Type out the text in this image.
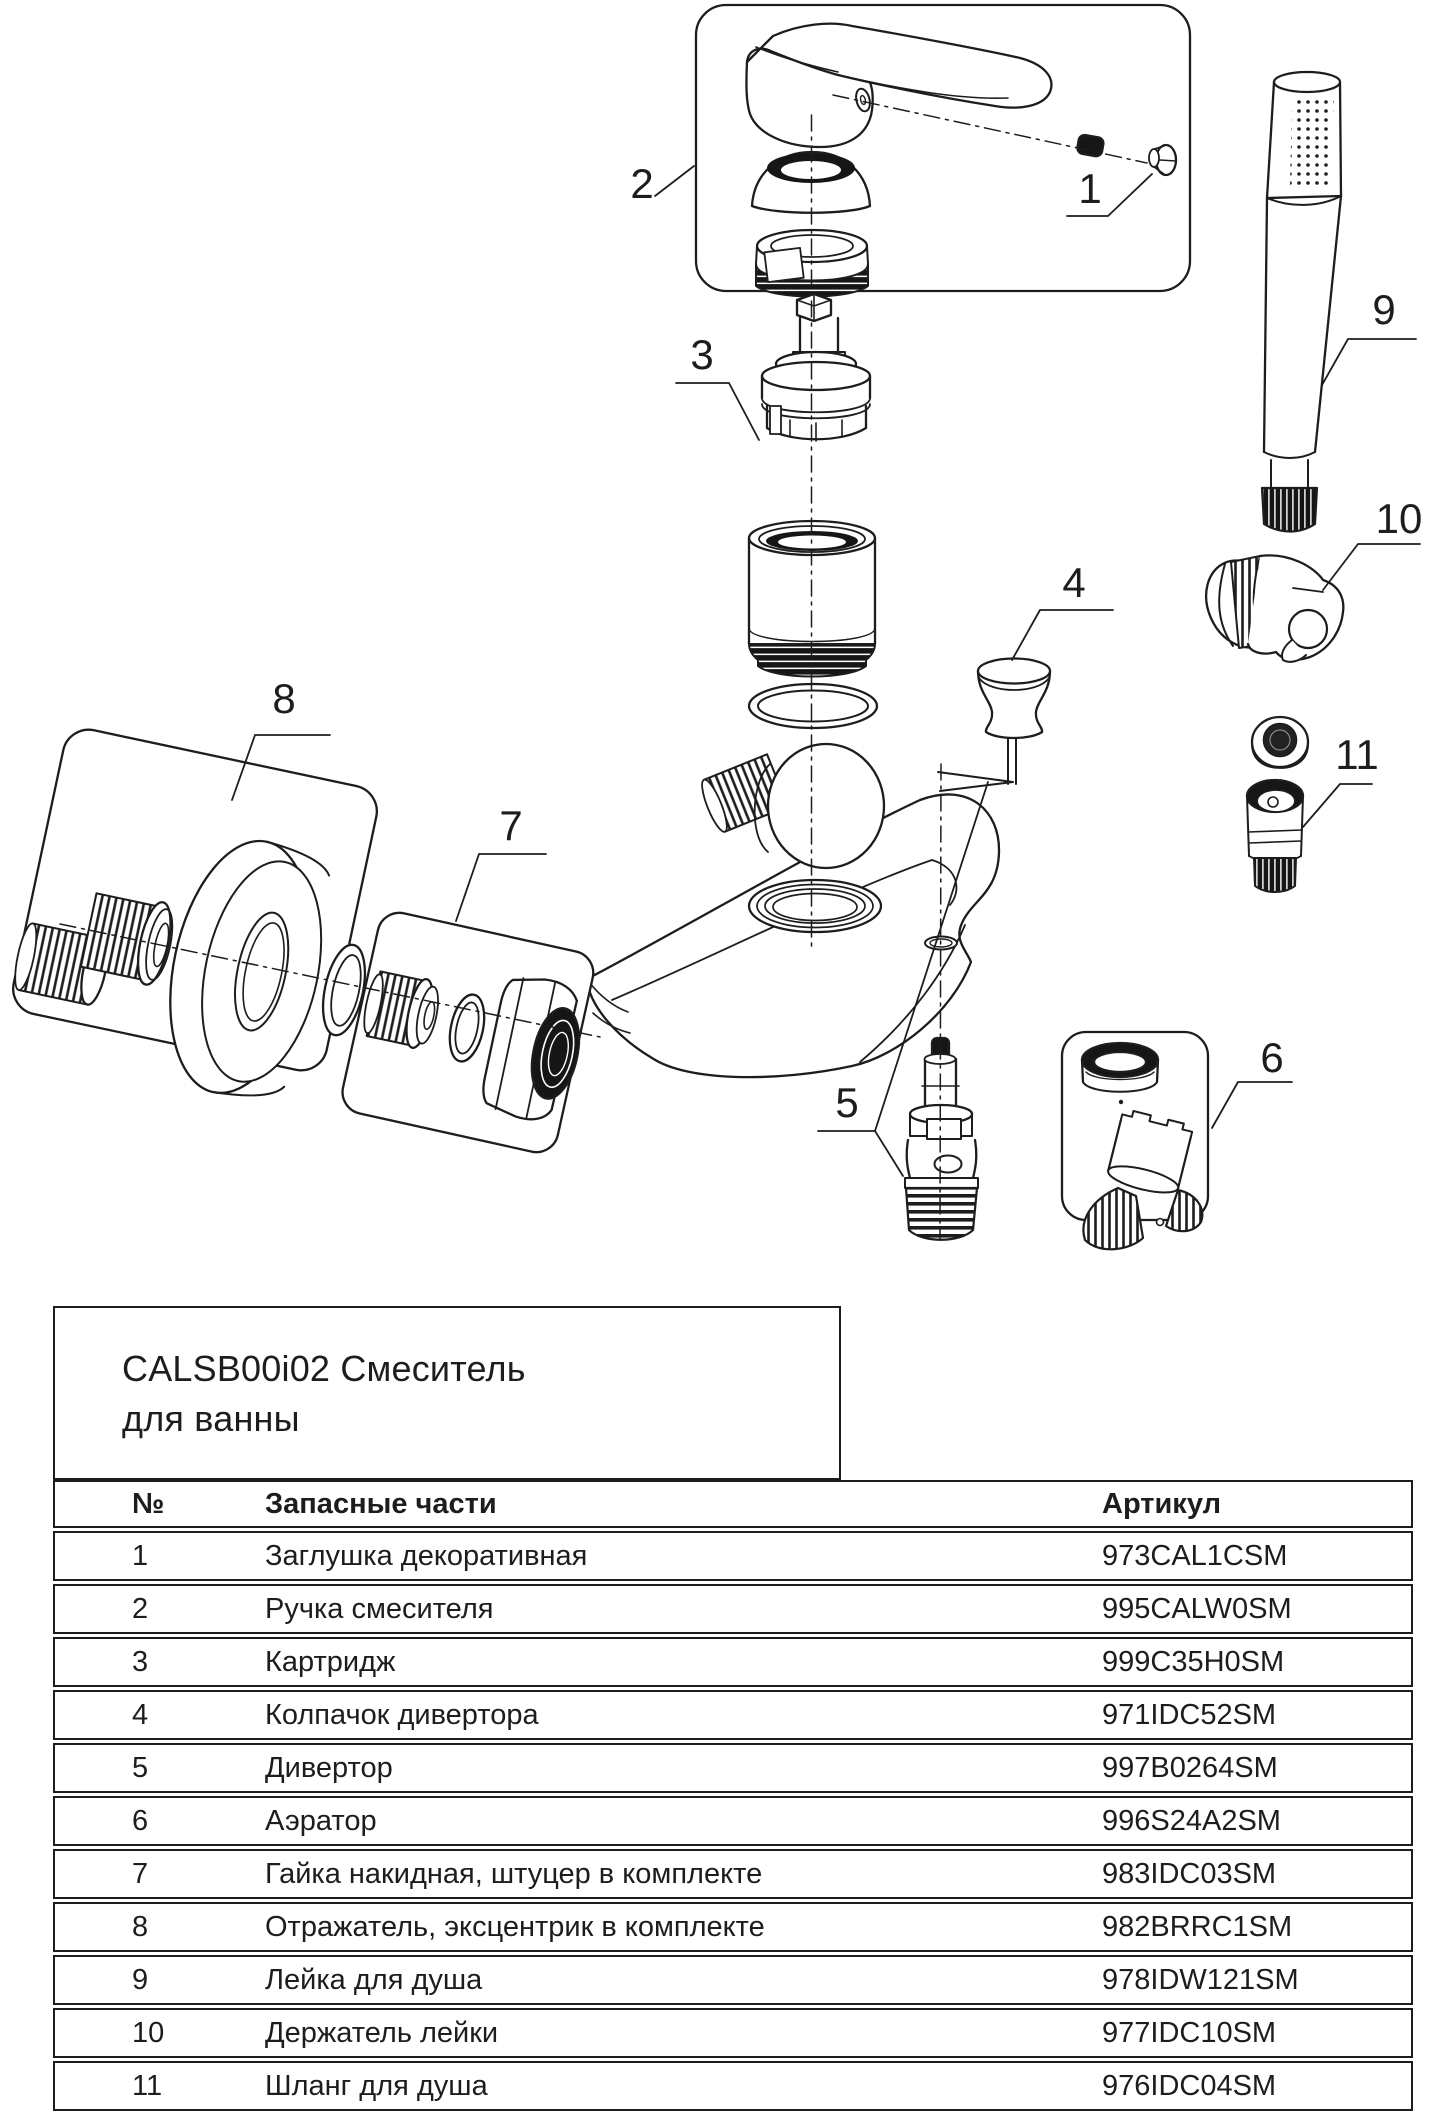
1
2
3
4
5
6
7
8
9
10
11
CALSB00i02 Смеситель
для ванны
№	Запасные части	Артикул
1	Заглушка декоративная	973CAL1CSM
2	Ручка смесителя	995CALW0SM
3	Картридж	999C35H0SM
4	Колпачок дивертора	971IDC52SM
5	Дивертор	997B0264SM
6	Аэратор	996S24A2SM
7	Гайка накидная, штуцер в комплекте	983IDC03SM
8	Отражатель, эксцентрик в комплекте	982BRRC1SM
9	Лейка для душа	978IDW121SM
10	Держатель лейки	977IDC10SM
11	Шланг для душа	976IDC04SM
